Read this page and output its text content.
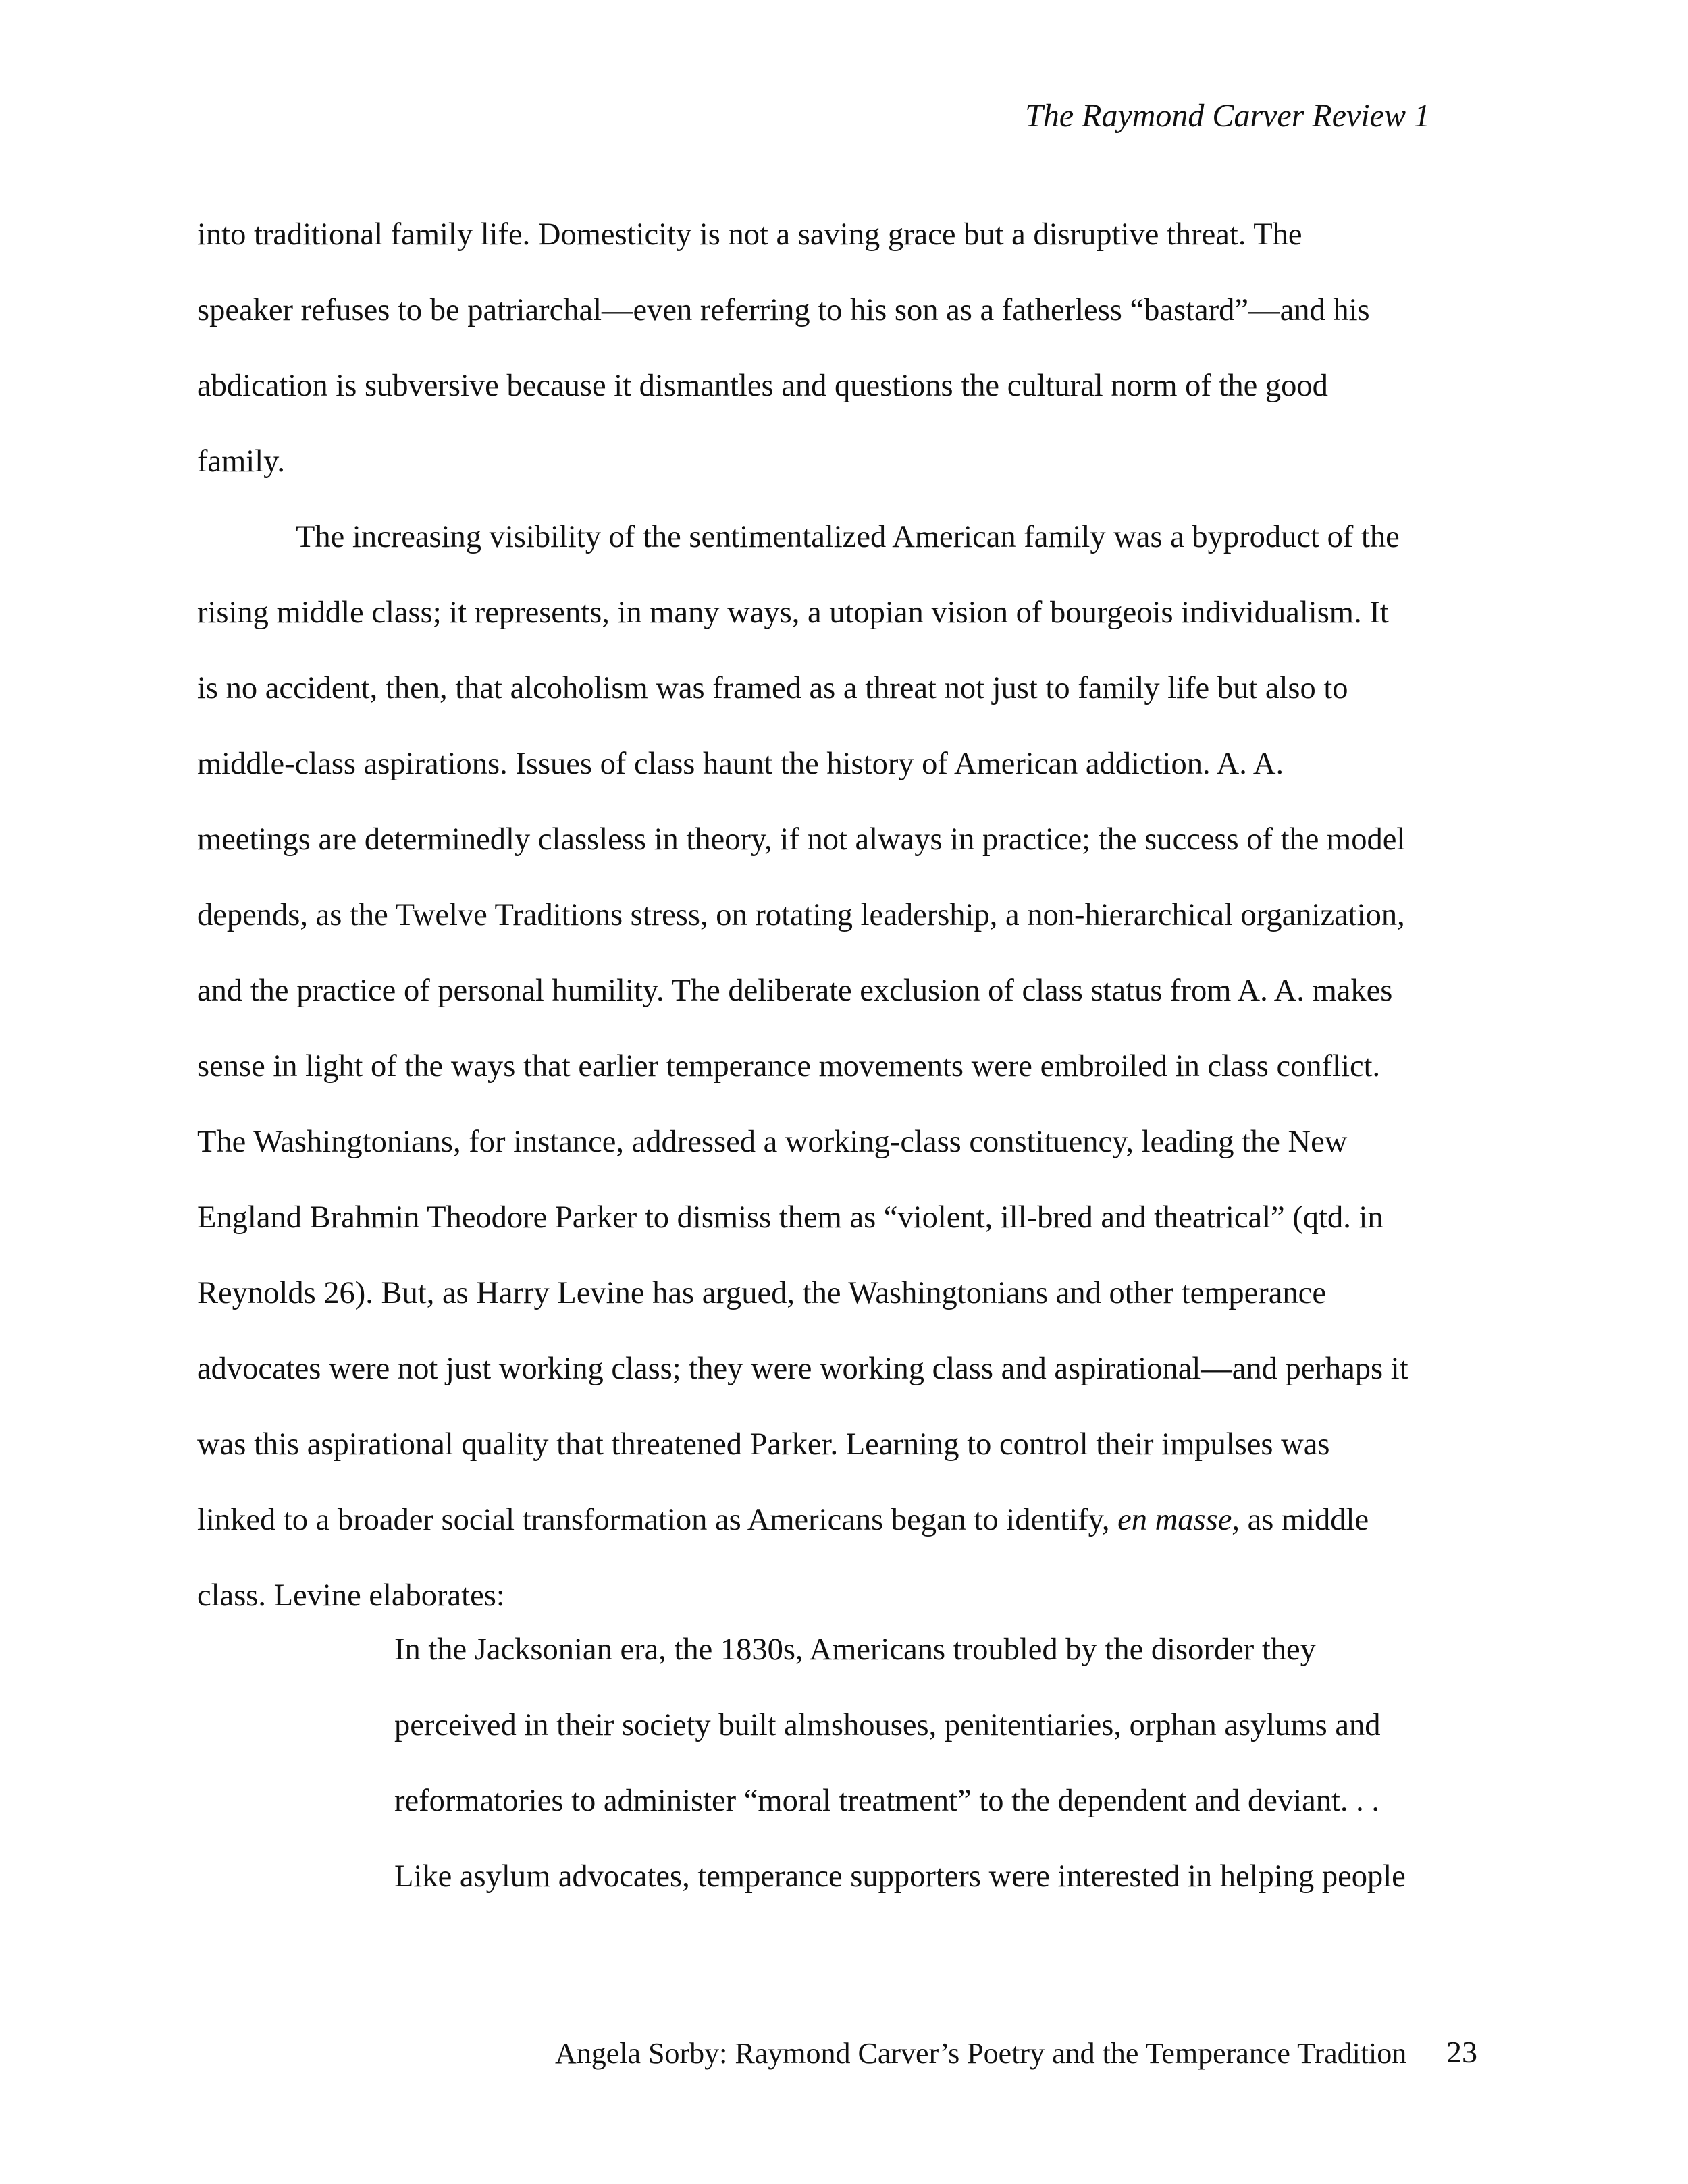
The Raymond Carver Review 1
into traditional family life. Domesticity is not a saving grace but a disruptive threat. The
speaker refuses to be patriarchal—even referring to his son as a fatherless “bastard”—and his
abdication is subversive because it dismantles and questions the cultural norm of the good
family.
The increasing visibility of the sentimentalized American family was a byproduct of the
rising middle class; it represents, in many ways, a utopian vision of bourgeois individualism. It
is no accident, then, that alcoholism was framed as a threat not just to family life but also to
middle-class aspirations. Issues of class haunt the history of American addiction. A. A.
meetings are determinedly classless in theory, if not always in practice; the success of the model
depends, as the Twelve Traditions stress, on rotating leadership, a non-hierarchical organization,
and the practice of personal humility. The deliberate exclusion of class status from A. A. makes
sense in light of the ways that earlier temperance movements were embroiled in class conflict.
The Washingtonians, for instance, addressed a working-class constituency, leading the New
England Brahmin Theodore Parker to dismiss them as “violent, ill-bred and theatrical” (qtd. in
Reynolds 26). But, as Harry Levine has argued, the Washingtonians and other temperance
advocates were not just working class; they were working class and aspirational—and perhaps it
was this aspirational quality that threatened Parker. Learning to control their impulses was
linked to a broader social transformation as Americans began to identify, en masse, as middle
class. Levine elaborates:
In the Jacksonian era, the 1830s, Americans troubled by the disorder they
perceived in their society built almshouses, penitentiaries, orphan asylums and
reformatories to administer “moral treatment” to the dependent and deviant. . .
Like asylum advocates, temperance supporters were interested in helping people
Angela Sorby: Raymond Carver’s Poetry and the Temperance Tradition 23
